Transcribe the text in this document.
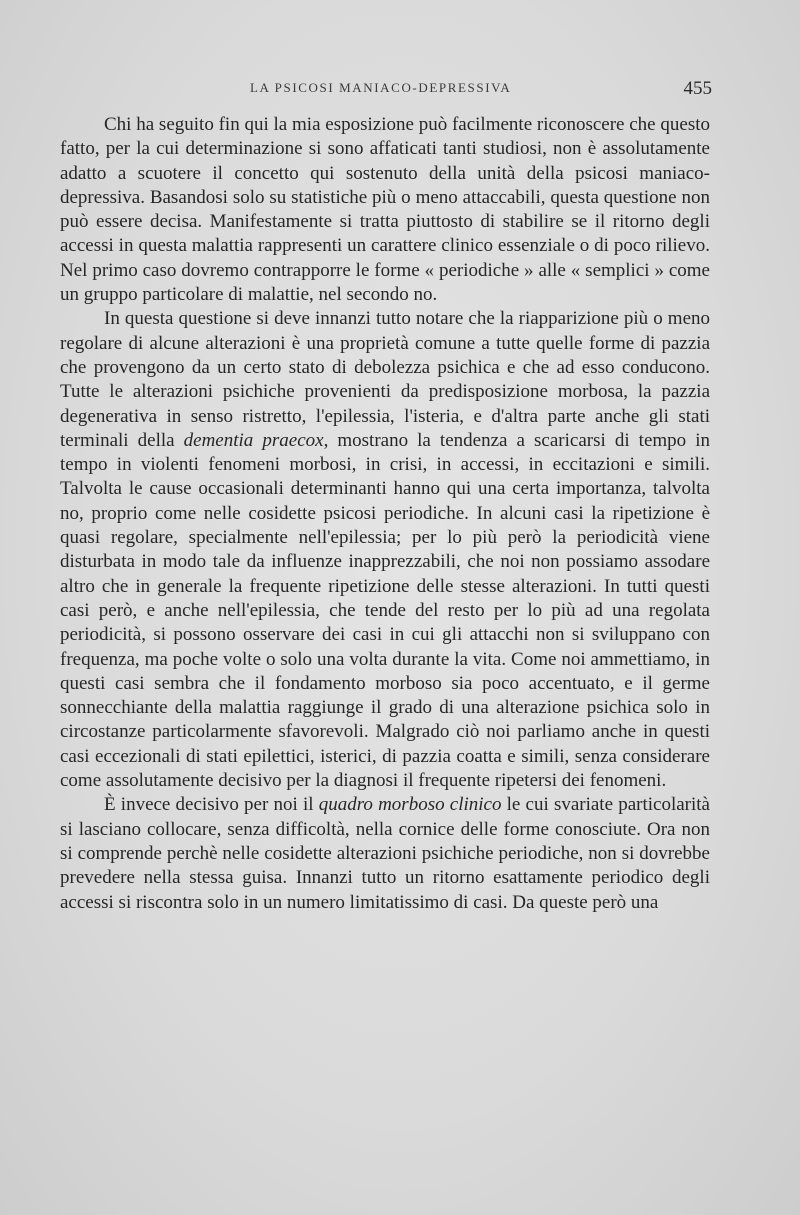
LA PSICOSI MANIACO-DEPRESSIVA	455

Chi ha seguito fin qui la mia esposizione può facilmente riconoscere che questo fatto, per la cui determinazione si sono affaticati tanti studiosi, non è assolutamente adatto a scuotere il concetto qui sostenuto della unità della psicosi maniaco-depressiva. Basandosi solo su statistiche più o meno attaccabili, questa questione non può essere decisa. Manifestamente si tratta piuttosto di stabilire se il ritorno degli accessi in questa malattia rappresenti un carattere clinico essenziale o di poco rilievo. Nel primo caso dovremo contrapporre le forme « periodiche » alle « semplici » come un gruppo particolare di malattie, nel secondo no.

In questa questione si deve innanzi tutto notare che la riapparizione più o meno regolare di alcune alterazioni è una proprietà comune a tutte quelle forme di pazzia che provengono da un certo stato di debolezza psichica e che ad esso conducono. Tutte le alterazioni psichiche provenienti da predisposizione morbosa, la pazzia degenerativa in senso ristretto, l'epilessia, l'isteria, e d'altra parte anche gli stati terminali della dementia praecox, mostrano la tendenza a scaricarsi di tempo in tempo in violenti fenomeni morbosi, in crisi, in accessi, in eccitazioni e simili. Talvolta le cause occasionali determinanti hanno qui una certa importanza, talvolta no, proprio come nelle cosidette psicosi periodiche. In alcuni casi la ripetizione è quasi regolare, specialmente nell'epilessia; per lo più però la periodicità viene disturbata in modo tale da influenze inapprezzabili, che noi non possiamo assodare altro che in generale la frequente ripetizione delle stesse alterazioni. In tutti questi casi però, e anche nell'epilessia, che tende del resto per lo più ad una regolata periodicità, si possono osservare dei casi in cui gli attacchi non si sviluppano con frequenza, ma poche volte o solo una volta durante la vita. Come noi ammettiamo, in questi casi sembra che il fondamento morboso sia poco accentuato, e il germe sonnecchiante della malattia raggiunge il grado di una alterazione psichica solo in circostanze particolarmente sfavorevoli. Malgrado ciò noi parliamo anche in questi casi eccezionali di stati epilettici, isterici, di pazzia coatta e simili, senza considerare come assolutamente decisivo per la diagnosi il frequente ripetersi dei fenomeni.

È invece decisivo per noi il quadro morboso clinico le cui svariate particolarità si lasciano collocare, senza difficoltà, nella cornice delle forme conosciute. Ora non si comprende perchè nelle cosidette alterazioni psichiche periodiche, non si dovrebbe prevedere nella stessa guisa. Innanzi tutto un ritorno esattamente periodico degli accessi si riscontra solo in un numero limitatissimo di casi. Da queste però una
